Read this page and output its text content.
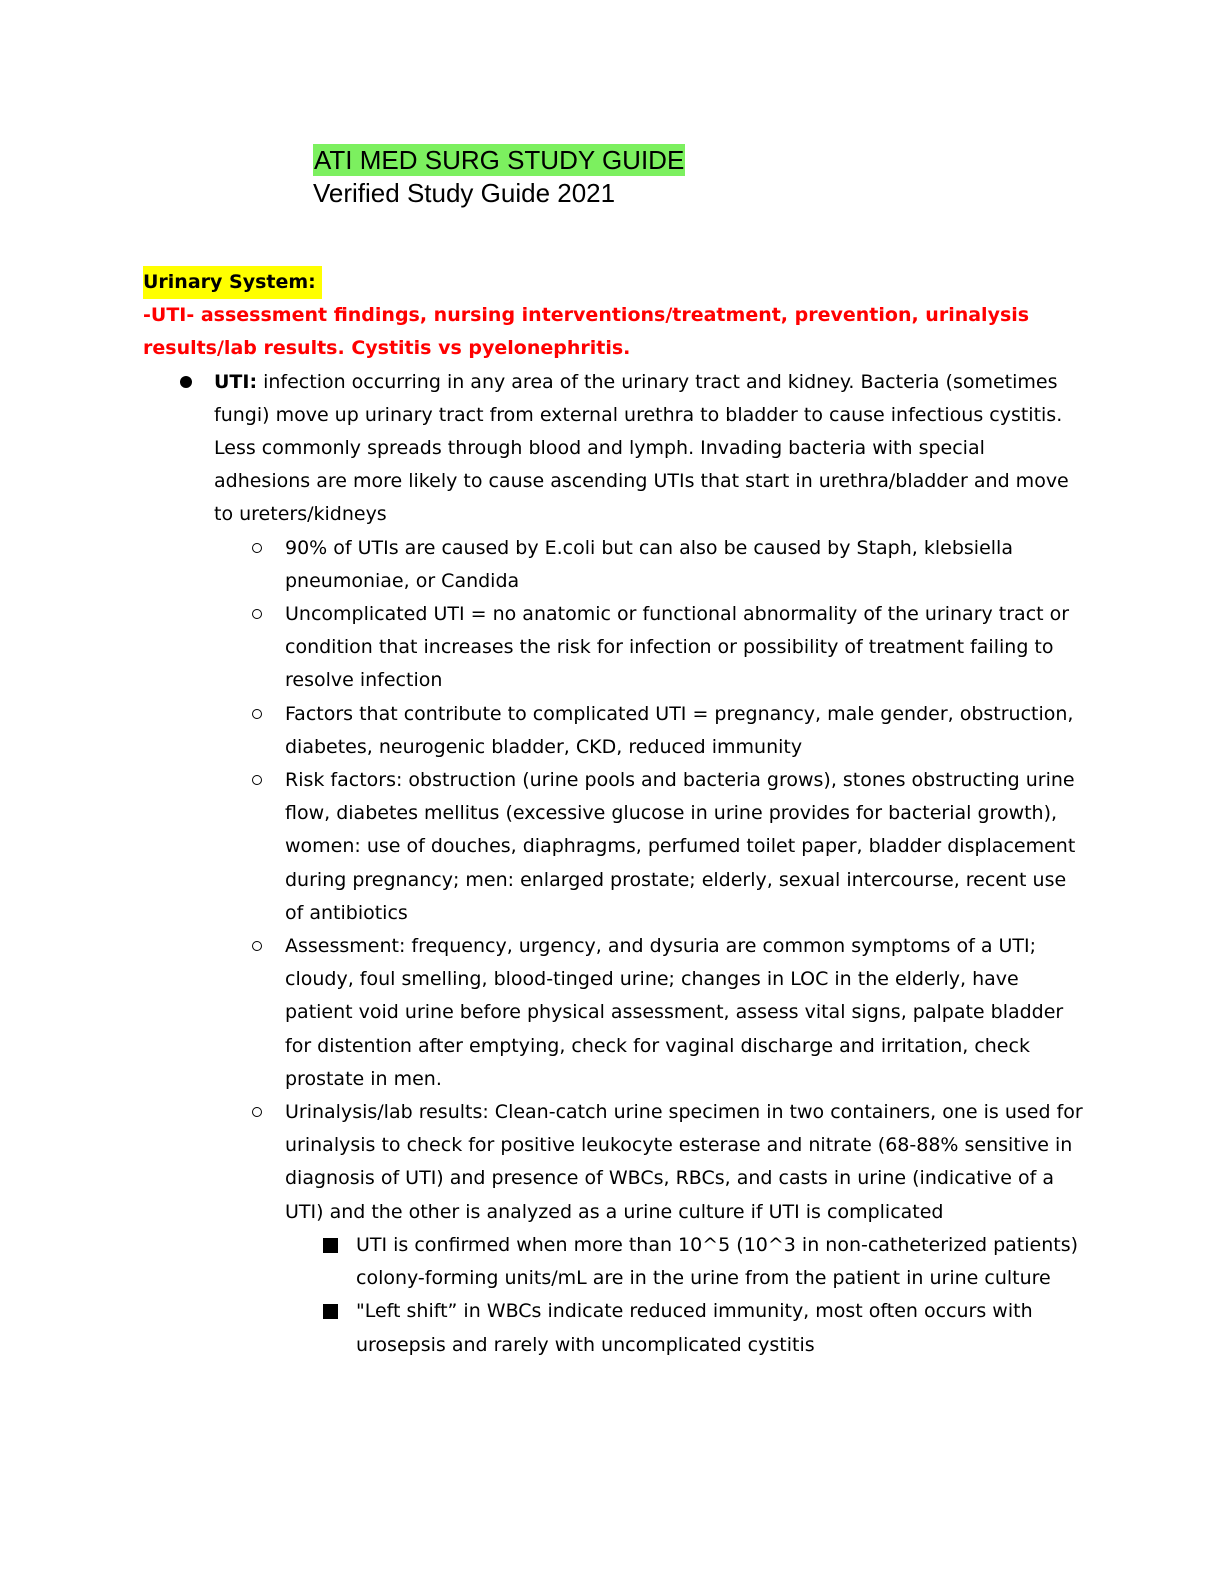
ATI MED SURG STUDY GUIDE
Verified Study Guide 2021
Urinary System:

-UTI- assessment findings, nursing interventions/treatment, prevention, urinalysis results/lab results. Cystitis vs pyelonephritis.

UTI: infection occurring in any area of the urinary tract and kidney. Bacteria (sometimes fungi) move up urinary tract from external urethra to bladder to cause infectious cystitis. Less commonly spreads through blood and lymph. Invading bacteria with special adhesions are more likely to cause ascending UTIs that start in urethra/bladder and move to ureters/kidneys
90% of UTIs are caused by E.coli but can also be caused by Staph, klebsiella pneumoniae, or Candida
Uncomplicated UTI = no anatomic or functional abnormality of the urinary tract or condition that increases the risk for infection or possibility of treatment failing to resolve infection
Factors that contribute to complicated UTI = pregnancy, male gender, obstruction, diabetes, neurogenic bladder, CKD, reduced immunity
Risk factors: obstruction (urine pools and bacteria grows), stones obstructing urine flow, diabetes mellitus (excessive glucose in urine provides for bacterial growth), women: use of douches, diaphragms, perfumed toilet paper, bladder displacement during pregnancy; men: enlarged prostate; elderly, sexual intercourse, recent use of antibiotics
Assessment: frequency, urgency, and dysuria are common symptoms of a UTI; cloudy, foul smelling, blood-tinged urine; changes in LOC in the elderly, have patient void urine before physical assessment, assess vital signs, palpate bladder for distention after emptying, check for vaginal discharge and irritation, check prostate in men.
Urinalysis/lab results: Clean-catch urine specimen in two containers, one is used for urinalysis to check for positive leukocyte esterase and nitrate (68-88% sensitive in diagnosis of UTI) and presence of WBCs, RBCs, and casts in urine (indicative of a UTI) and the other is analyzed as a urine culture if UTI is complicated
UTI is confirmed when more than 10^5 (10^3 in non-catheterized patients) colony-forming units/mL are in the urine from the patient in urine culture
"Left shift” in WBCs indicate reduced immunity, most often occurs with urosepsis and rarely with uncomplicated cystitis
